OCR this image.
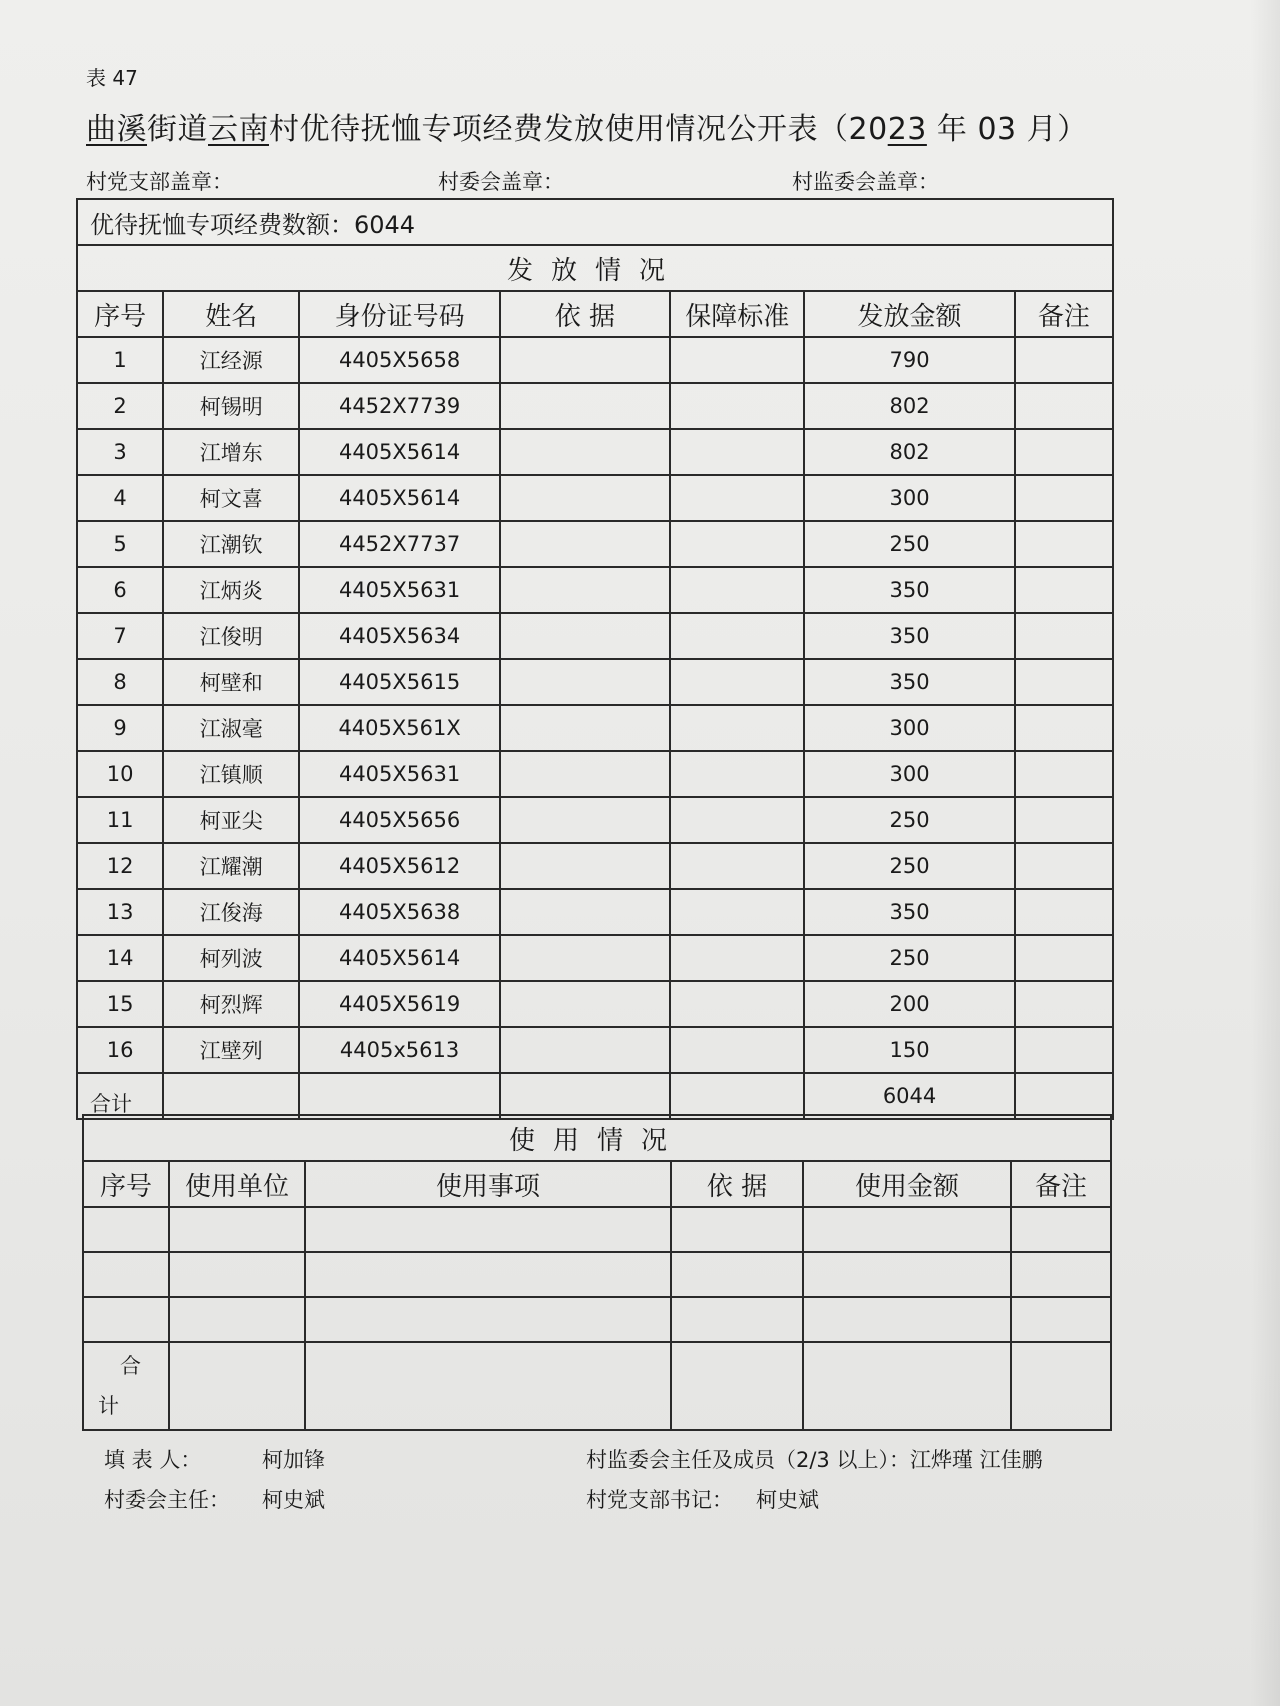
表 47
曲溪街道云南村优待抚恤专项经费发放使用情况公开表（2023 年 03 月）
村党支部盖章：	村委会盖章：	村监委会盖章：
优待抚恤专项经费数额：6044						
发放情况						
序号	姓名	身份证号码	依 据	保障标准	发放金额	备注
1	江经源	4405X5658			790	
2	柯锡明	4452X7739			802	
3	江增东	4405X5614			802	
4	柯文喜	4405X5614			300	
5	江潮钦	4452X7737			250	
6	江炳炎	4405X5631			350	
7	江俊明	4405X5634			350	
8	柯壁和	4405X5615			350	
9	江淑毫	4405X561X			300	
10	江镇顺	4405X5631			300	
11	柯亚尖	4405X5656			250	
12	江耀潮	4405X5612			250	
13	江俊海	4405X5638			350	
14	柯列波	4405X5614			250	
15	柯烈辉	4405X5619			200	
16	江壁列	4405x5613			150	
合计					6044	
使用情况					
序号	使用单位	使用事项	依 据	使用金额	备注

合
计					

填 表 人：	柯加锋
村委会主任： 柯史斌
村监委会主任及成员（2/3 以上）：江烨瑾 江佳鹏
村党支部书记： 柯史斌
